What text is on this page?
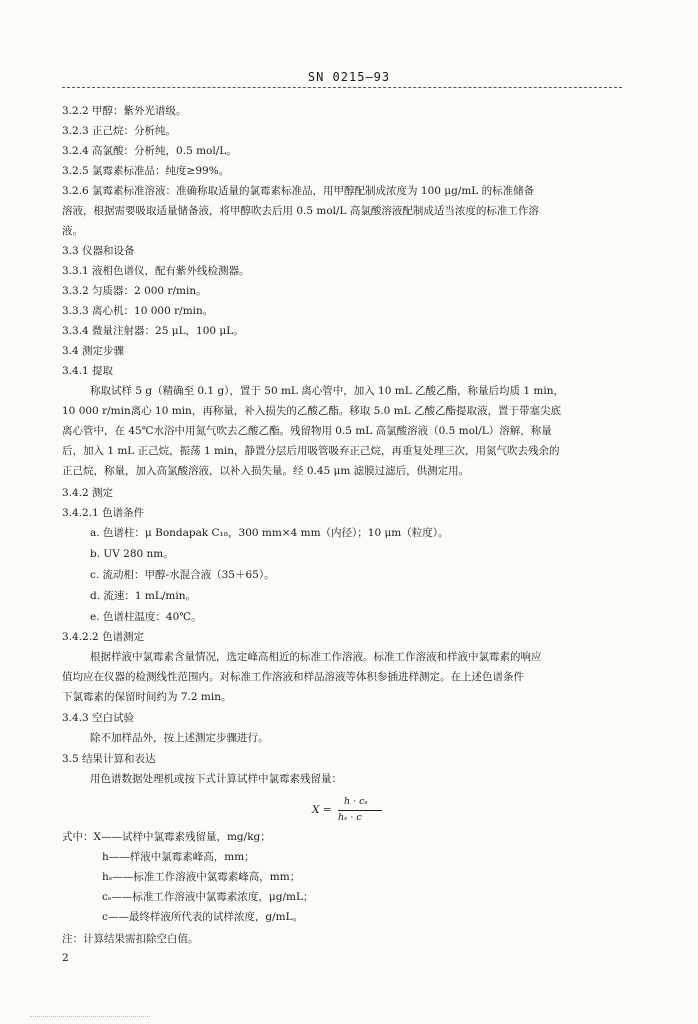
SN 0215—93
3.2.2 甲醇：紫外光谱级。
3.2.3 正己烷：分析纯。
3.2.4 高氯酸：分析纯，0.5 mol/L。
3.2.5 氯霉素标准品：纯度≥99%。
3.2.6 氯霉素标准溶液：准确称取适量的氯霉素标准品，用甲醇配制成浓度为 100 μg/mL 的标准储备
溶液，根据需要吸取适量储备液，将甲醇吹去后用 0.5 mol/L 高氯酸溶液配制成适当浓度的标准工作溶
液。
3.3 仪器和设备
3.3.1 液相色谱仪，配有紫外线检测器。
3.3.2 匀质器：2 000 r/min。
3.3.3 离心机：10 000 r/min。
3.3.4 微量注射器：25 μL，100 μL。
3.4 测定步骤
3.4.1 提取
称取试样 5 g（精确至 0.1 g），置于 50 mL 离心管中，加入 10 mL 乙酸乙酯，称量后均质 1 min，
10 000 r/min离心 10 min，再称量，补入损失的乙酸乙酯。移取 5.0 mL 乙酸乙酯提取液，置于带塞尖底
离心管中，在 45℃水浴中用氮气吹去乙酸乙酯。残留物用 0.5 mL 高氯酸溶液（0.5 mol/L）溶解，称量
后，加入 1 mL 正己烷，振荡 1 min，静置分层后用吸管吸弃正己烷，再重复处理三次，用氮气吹去残余的
正己烷，称量，加入高氯酸溶液，以补入损失量。经 0.45 μm 滤膜过滤后，供测定用。
3.4.2 测定
3.4.2.1 色谱条件
a. 色谱柱：μ Bondapak C₁₈，300 mm×4 mm（内径）；10 μm（粒度）。
b. UV 280 nm。
c. 流动相：甲醇-水混合液（35＋65）。
d. 流速：1 mL/min。
e. 色谱柱温度：40℃。
3.4.2.2 色谱测定
根据样液中氯霉素含量情况，选定峰高相近的标准工作溶液。标准工作溶液和样液中氯霉素的响应
值均应在仪器的检测线性范围内。对标准工作溶液和样品溶液等体积参插进样测定。在上述色谱条件
下氯霉素的保留时间约为 7.2 min。
3.4.3 空白试验
除不加样品外，按上述测定步骤进行。
3.5 结果计算和表达
用色谱数据处理机或按下式计算试样中氯霉素残留量：
X =
h · cₛ
hₛ · c
式中：X——试样中氯霉素残留量，mg/kg；
h——样液中氯霉素峰高，mm；
hₛ——标准工作溶液中氯霉素峰高，mm；
cₛ——标准工作溶液中氯霉素浓度，μg/mL；
c——最终样液所代表的试样浓度，g/mL。
注：计算结果需扣除空白值。
2
